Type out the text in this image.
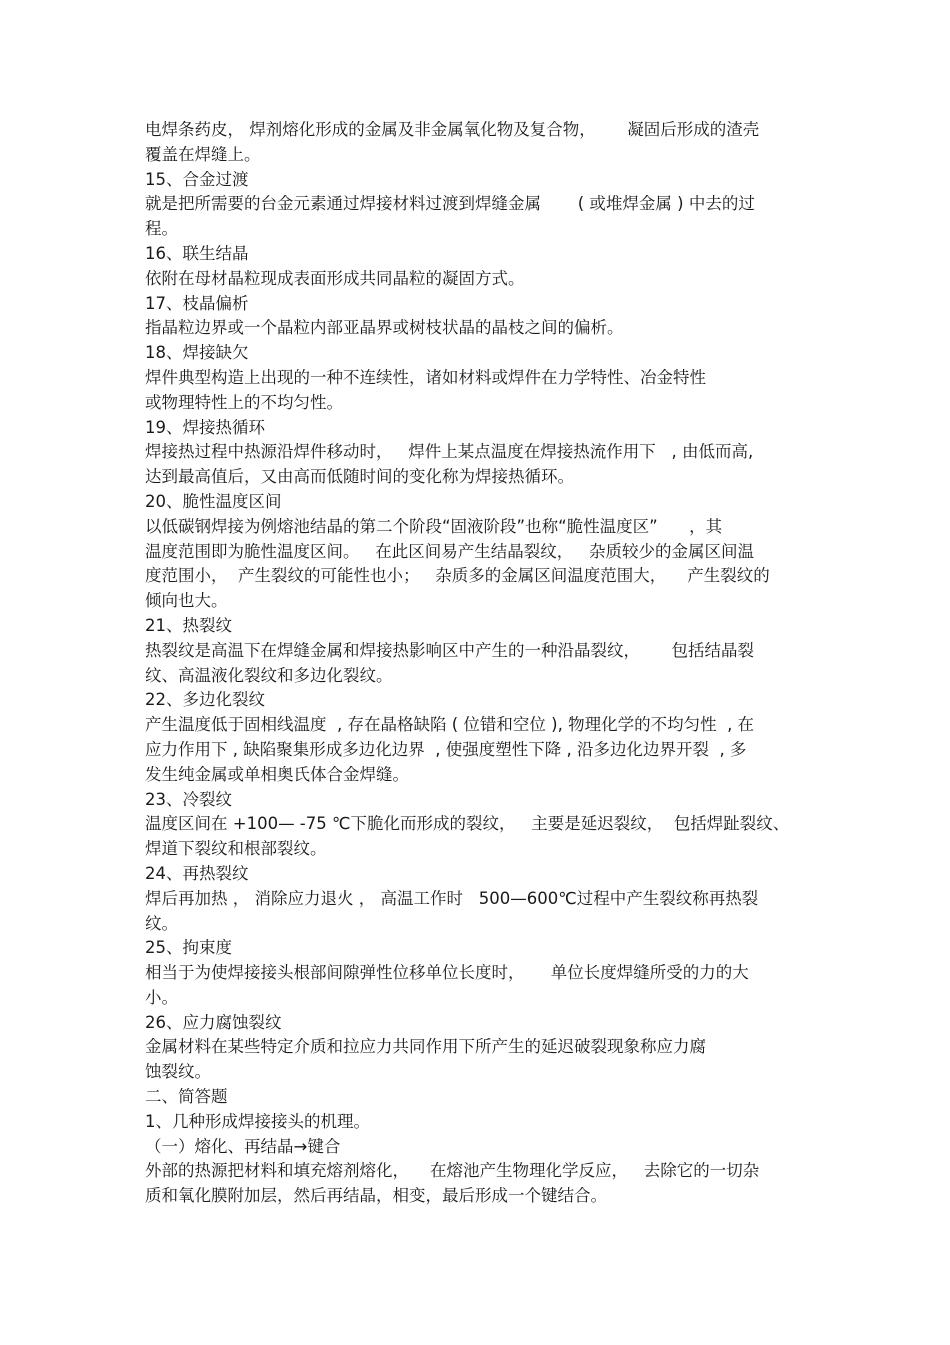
电焊条药皮， 焊剂熔化形成的金属及非金属氧化物及复合物，      凝固后形成的渣壳
覆盖在焊缝上。
15、合金过渡
就是把所需要的台金元素通过焊接材料过渡到焊缝金属       ( 或堆焊金属 ) 中去的过
程。
16、联生结晶
依附在母材晶粒现成表面形成共同晶粒的凝固方式。
17、枝晶偏析
指晶粒边界或一个晶粒内部亚晶界或树枝状晶的晶枝之间的偏析。
18、焊接缺欠
焊件典型构造上出现的一种不连续性，诸如材料或焊件在力学特性、冶金特性
或物理特性上的不均匀性。
19、焊接热循环
焊接热过程中热源沿焊件移动时，   焊件上某点温度在焊接热流作用下   , 由低而高,
达到最高值后，又由高而低随时间的变化称为焊接热循环。
20、脆性温度区间
以低碳钢焊接为例熔池结晶的第二个阶段“固液阶段”也称“脆性温度区”      ，其
温度范围即为脆性温度区间。   在此区间易产生结晶裂纹，   杂质较少的金属区间温
度范围小，  产生裂纹的可能性也小；   杂质多的金属区间温度范围大，    产生裂纹的
倾向也大。
21、热裂纹
热裂纹是高温下在焊缝金属和焊接热影响区中产生的一种沿晶裂纹，      包括结晶裂
纹、高温液化裂纹和多边化裂纹。
22、多边化裂纹
产生温度低于固相线温度  , 存在晶格缺陷 ( 位错和空位 ), 物理化学的不均匀性  , 在
应力作用下 , 缺陷聚集形成多边化边界  , 使强度塑性下降 , 沿多边化边界开裂  , 多
发生纯金属或单相奥氏体合金焊缝。
23、冷裂纹
温度区间在 +100— -75 ℃下脆化而形成的裂纹，   主要是延迟裂纹，  包括焊趾裂纹、
焊道下裂纹和根部裂纹。
24、再热裂纹
焊后再加热 ， 消除应力退火 ， 高温工作时   500—600℃过程中产生裂纹称再热裂
纹。
25、拘束度
相当于为使焊接接头根部间隙弹性位移单位长度时，     单位长度焊缝所受的力的大
小。
26、应力腐蚀裂纹
金属材料在某些特定介质和拉应力共同作用下所产生的延迟破裂现象称应力腐
蚀裂纹。
二、简答题
1、几种形成焊接接头的机理。
（一）熔化、再结晶→键合
外部的热源把材料和填充熔剂熔化，    在熔池产生物理化学反应，   去除它的一切杂
质和氧化膜附加层，然后再结晶，相变，最后形成一个键结合。
